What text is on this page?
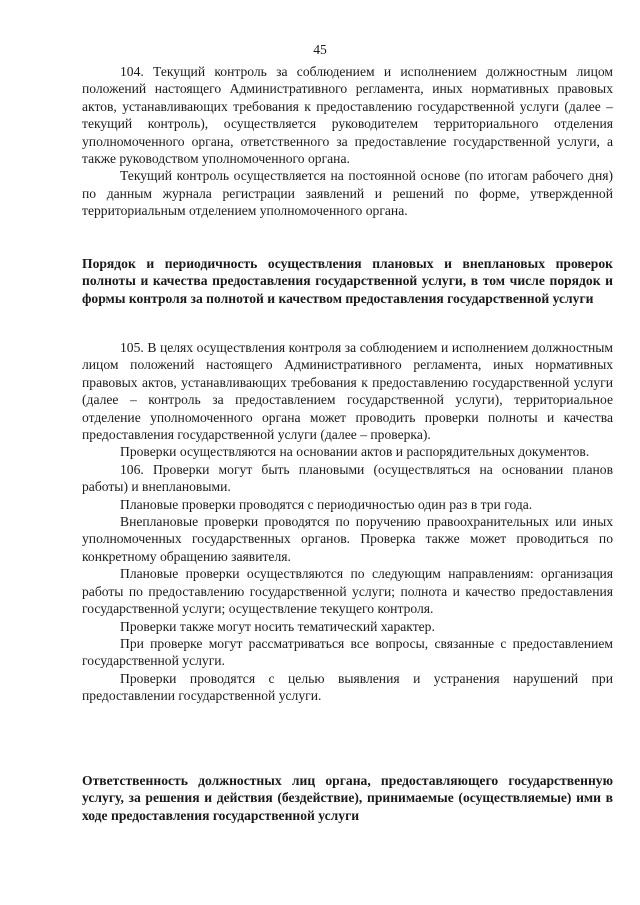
45

104. Текущий контроль за соблюдением и исполнением должностным лицом положений настоящего Административного регламента, иных нормативных правовых актов, устанавливающих требования к предоставлению государственной услуги (далее – текущий контроль), осуществляется руководителем территориального отделения уполномоченного органа, ответственного за предоставление государственной услуги, а также руководством уполномоченного органа.

Текущий контроль осуществляется на постоянной основе (по итогам рабочего дня) по данным журнала регистрации заявлений и решений по форме, утвержденной территориальным отделением уполномоченного органа.

Порядок и периодичность осуществления плановых и внеплановых проверок полноты и качества предоставления государственной услуги, в том числе порядок и формы контроля за полнотой и качеством предоставления государственной услуги

105. В целях осуществления контроля за соблюдением и исполнением должностным лицом положений настоящего Административного регламента, иных нормативных правовых актов, устанавливающих требования к предоставлению государственной услуги (далее – контроль за предоставлением государственной услуги), территориальное отделение уполномоченного органа может проводить проверки полноты и качества предоставления государственной услуги (далее – проверка).

Проверки осуществляются на основании актов и распорядительных документов.

106. Проверки могут быть плановыми (осуществляться на основании планов работы) и внеплановыми.

Плановые проверки проводятся с периодичностью один раз в три года.

Внеплановые проверки проводятся по поручению правоохранительных или иных уполномоченных государственных органов. Проверка также может проводиться по конкретному обращению заявителя.

Плановые проверки осуществляются по следующим направлениям: организация работы по предоставлению государственной услуги; полнота и качество предоставления государственной услуги; осуществление текущего контроля.

Проверки также могут носить тематический характер.

При проверке могут рассматриваться все вопросы, связанные с предоставлением государственной услуги.

Проверки проводятся с целью выявления и устранения нарушений при предоставлении государственной услуги.

Ответственность должностных лиц органа, предоставляющего государственную услугу, за решения и действия (бездействие), принимаемые (осуществляемые) ими в ходе предоставления государственной услуги
